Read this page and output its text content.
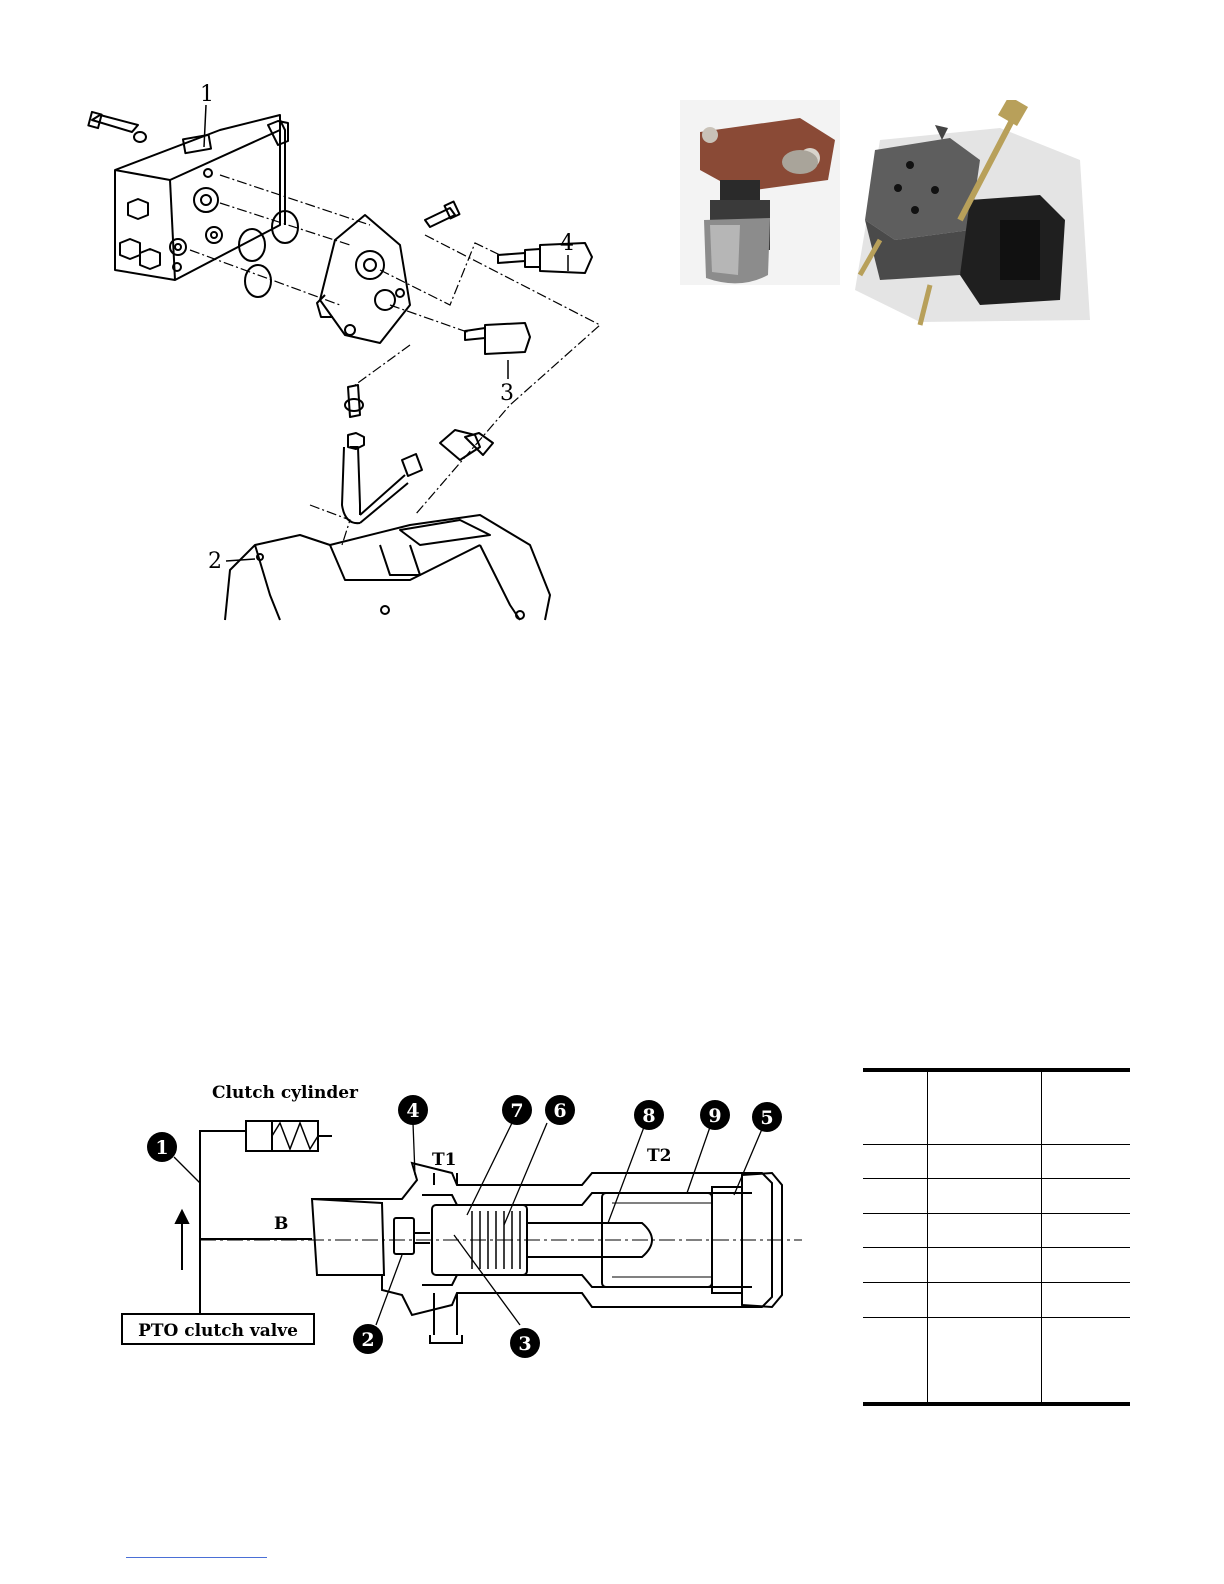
1
4
3
2
PTO clutch valve
Clutch cylinder
B
T1	T2
1
4	7 6	8	9 5
2	3
